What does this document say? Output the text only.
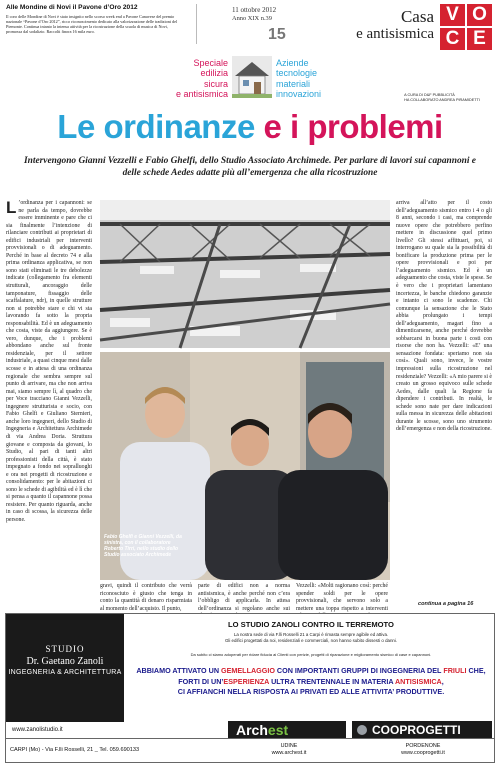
Alle Mondine di Novi il Pavone d’Oro 2012
Il coro delle Mondine di Novi è stato insignito nello scorso week end a Pavone Canavese del premio nazionale “Pavone d’Oro 2012”, ricco riconoscimento dedicato alla valorizzazione delle tradizioni del Piemonte. Continua intanto la intensa attività per la ricostruzione della scuola di musica di Novi, promossa dal sodalizio. Raccolti finora 16 mila euro.
11 ottobre 2012
Anno XIX n.39
15
Casa
e antisismica
V O
C E
Speciale
edilizia
sicura
e antisismica
Aziende
tecnologie
materiali
innovazioni	A CURA DI D&F PUBBLICITÀ
HA COLLABORATO ANDREA PIRAMIDETTI
Le ordinanze e i problemi
Intervengono Gianni Vezzelli e Fabio Ghelfi, dello Studio Associato Archimede. Per parlare di lavori sui capannoni e delle schede Aedes adatte più all’emergenza che alla ricostruzione
L ’ordinanza per i capannoni: se ne parla da tempo, dovrebbe essere imminente e pare che ci sia finalmente l’intenzione di rilanciare contributi ai proprietari di edifici industriali per interventi provvisionali o di adeguamento. Perché in base al decreto 74 e alla prima ordinanza applicativa, se non sono stati eliminati le tre debolezze indicate (collegamento fra elementi strutturali, ancoraggio delle tamponature, fissaggio delle scaffalature, ndr), in quelle strutture non si potrebbe stare e chi vi sta lavorando fa sotto la propria responsabilità. Ed è un adeguamento che costa, viste da aggiungere. Se è vero, dunque, che i problemi abbondano anche sul fronte residenziale, per il settore industriale, a quasi cinque mesi dalle scosse e in attesa di una ordinanza regionale che sembra sempre sul punto di arrivare, ma che non arriva mai, siamo sempre lì, al quadro che per Voce tracciano Gianni Vezzelli, ingegnere strutturista e socio, con Fabio Ghelfi e Giuliano Sternieri, anche loro ingegneri, dello Studio di Ingegneria e Architettura Archimede di via Andrea Doria. Struttura giovane e composta da giovani, lo Studio, al pari di tanti altri professionisti della città, è stato impegnato a fondo nei sopralluoghi e ora nei progetti di ricostruzione e consolidamento: per le abitazioni ci sono le schede di agibilità ed è lì che si pensa a quanto il capannone possa resistere. Per quanto riguarda, anche in caso di scossa, la sicurezza delle persone.
Fabio Ghelfi e Gianni Vezzelli, da sinistra, con il collaboratore Roberto Tirri, nello studio dello Studio associato Archimede
gravi, quindi il contributo che verrà riconosciuto è giusto che tenga in conto la quantità di denaro risparmiata al momento dell’acquisto. Il punto,
parte di edifici non a norma antisismica, è anche perché non c’era l’obbligo di applicarla. In attesa dell’ordinanza si regolano anche sui
Vezzelli: «Molti ragionano così: perché spender soldi per le opere provvisionali, che servono solo a mettere una toppa rispetto a interventi
arriva all’atto per il costo dell’adeguamento sismico entro i 4 o gli 8 anni, secondo i casi, ma comprende nuove opere che potrebbero perfino mettere in discussione quel primo livello? Gli stessi affittuari, poi, si interrogano su quale sia la possibilità di bonificare la produzione prima per le opere provvisionali e poi per l’adeguamento sismico. Ed è un adeguamento che costa, viste le spese. Se è vero che i proprietari lamentano incertezza, le banche chiedono garanzie e intanto ci sono le scadenze. Chi comunque la sensazione che le Stato abbia prolungato i tempi dell’adeguamento, magari fino a dimenticarsene, anche perché dovrebbe sobbarcarsi in buona parte i costi con risorse che non ha. Vezzelli: «E’ una sensazione fondata: speriamo non sia così». Quali sono, invece, le vostre impressioni sulla ricostruzione nel residenziale? Vezzelli: «A mio parere si è creato un grosso equivoco sulle schede Aedes, dalle quali la Regione fa dipendere i contributi. In realtà, le schede sono nate per dare indicazioni sulla messa in sicurezza delle abitazioni durante le scosse, sono uno strumento dell’emergenza e non della ricostruzione.
continua a pagina 16
STUDIO
Dr. Gaetano Zanoli
INGEGNERIA & ARCHITETTURA
LO STUDIO ZANOLI CONTRO IL TERREMOTO
La nostra sede di via F.lli Rosselli 21 a Carpi è rimasta sempre agibile ed attiva.
Gli edifici progettati da noi, residenziali e commerciali, non hanno subito dissesti o danni.
Da subito ci siamo adoperati per ridare fiducia ai Clienti con perizie, progetti di riparazione e miglioramento sismico di case e capannoni.
ABBIAMO ATTIVATO UN GEMELLAGGIO CON IMPORTANTI GRUPPI DI INGEGNERIA DEL FRIULI CHE,
FORTI DI UN’ESPERIENZA ULTRA TRENTENNALE IN MATERIA ANTISISMICA,
CI AFFIANCHI NELLA RISPOSTA AI PRIVATI ED ALLE ATTIVITA’ PRODUTTIVE.
www.zanolistudio.it	Archest	COOPROGETTI
CARPI (Mo) - Via F.lli Rosselli, 21 _ Tel. 059.690133
UDINE
www.archest.it
PORDENONE
www.cooprogetti.it
